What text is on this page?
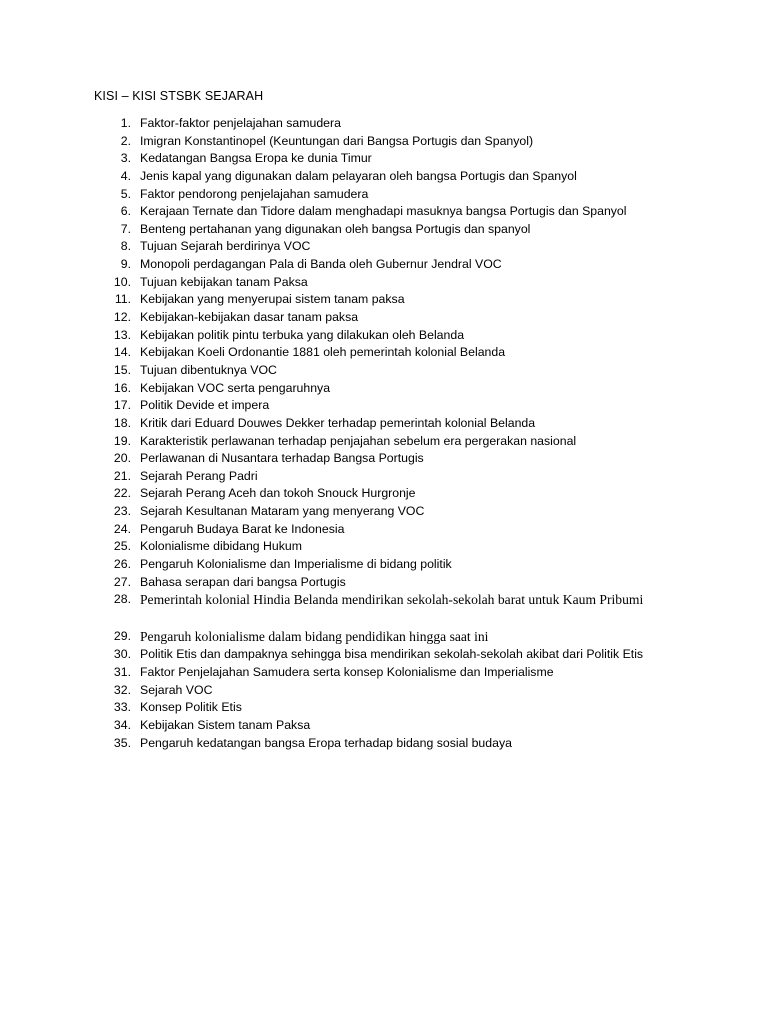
KISI – KISI STSBK SEJARAH
1. Faktor-faktor penjelajahan samudera
2. Imigran Konstantinopel (Keuntungan dari Bangsa Portugis dan Spanyol)
3. Kedatangan Bangsa Eropa ke dunia Timur
4. Jenis kapal yang digunakan dalam pelayaran oleh bangsa Portugis dan Spanyol
5. Faktor pendorong penjelajahan samudera
6. Kerajaan Ternate dan Tidore dalam menghadapi masuknya bangsa Portugis dan Spanyol
7. Benteng pertahanan yang digunakan oleh bangsa Portugis dan spanyol
8. Tujuan Sejarah berdirinya VOC
9. Monopoli perdagangan Pala di Banda oleh Gubernur Jendral VOC
10. Tujuan kebijakan tanam Paksa
11. Kebijakan yang menyerupai sistem tanam paksa
12. Kebijakan-kebijakan dasar tanam paksa
13. Kebijakan politik pintu terbuka yang dilakukan oleh Belanda
14. Kebijakan Koeli Ordonantie 1881 oleh pemerintah kolonial Belanda
15. Tujuan dibentuknya VOC
16. Kebijakan VOC serta pengaruhnya
17. Politik Devide et impera
18. Kritik dari Eduard Douwes Dekker terhadap pemerintah kolonial Belanda
19. Karakteristik perlawanan terhadap penjajahan sebelum era pergerakan nasional
20. Perlawanan di Nusantara terhadap Bangsa Portugis
21. Sejarah Perang Padri
22. Sejarah Perang Aceh dan tokoh Snouck Hurgronje
23. Sejarah Kesultanan Mataram yang menyerang VOC
24. Pengaruh Budaya Barat ke Indonesia
25. Kolonialisme dibidang Hukum
26. Pengaruh Kolonialisme dan Imperialisme di bidang politik
27. Bahasa serapan dari bangsa Portugis
28. Pemerintah kolonial Hindia Belanda mendirikan sekolah-sekolah barat untuk Kaum Pribumi
29. Pengaruh kolonialisme dalam bidang pendidikan hingga saat ini
30. Politik Etis dan dampaknya sehingga bisa mendirikan sekolah-sekolah akibat dari Politik Etis
31. Faktor Penjelajahan Samudera serta konsep Kolonialisme dan Imperialisme
32. Sejarah VOC
33. Konsep Politik Etis
34. Kebijakan Sistem tanam Paksa
35. Pengaruh kedatangan bangsa Eropa terhadap bidang sosial budaya
